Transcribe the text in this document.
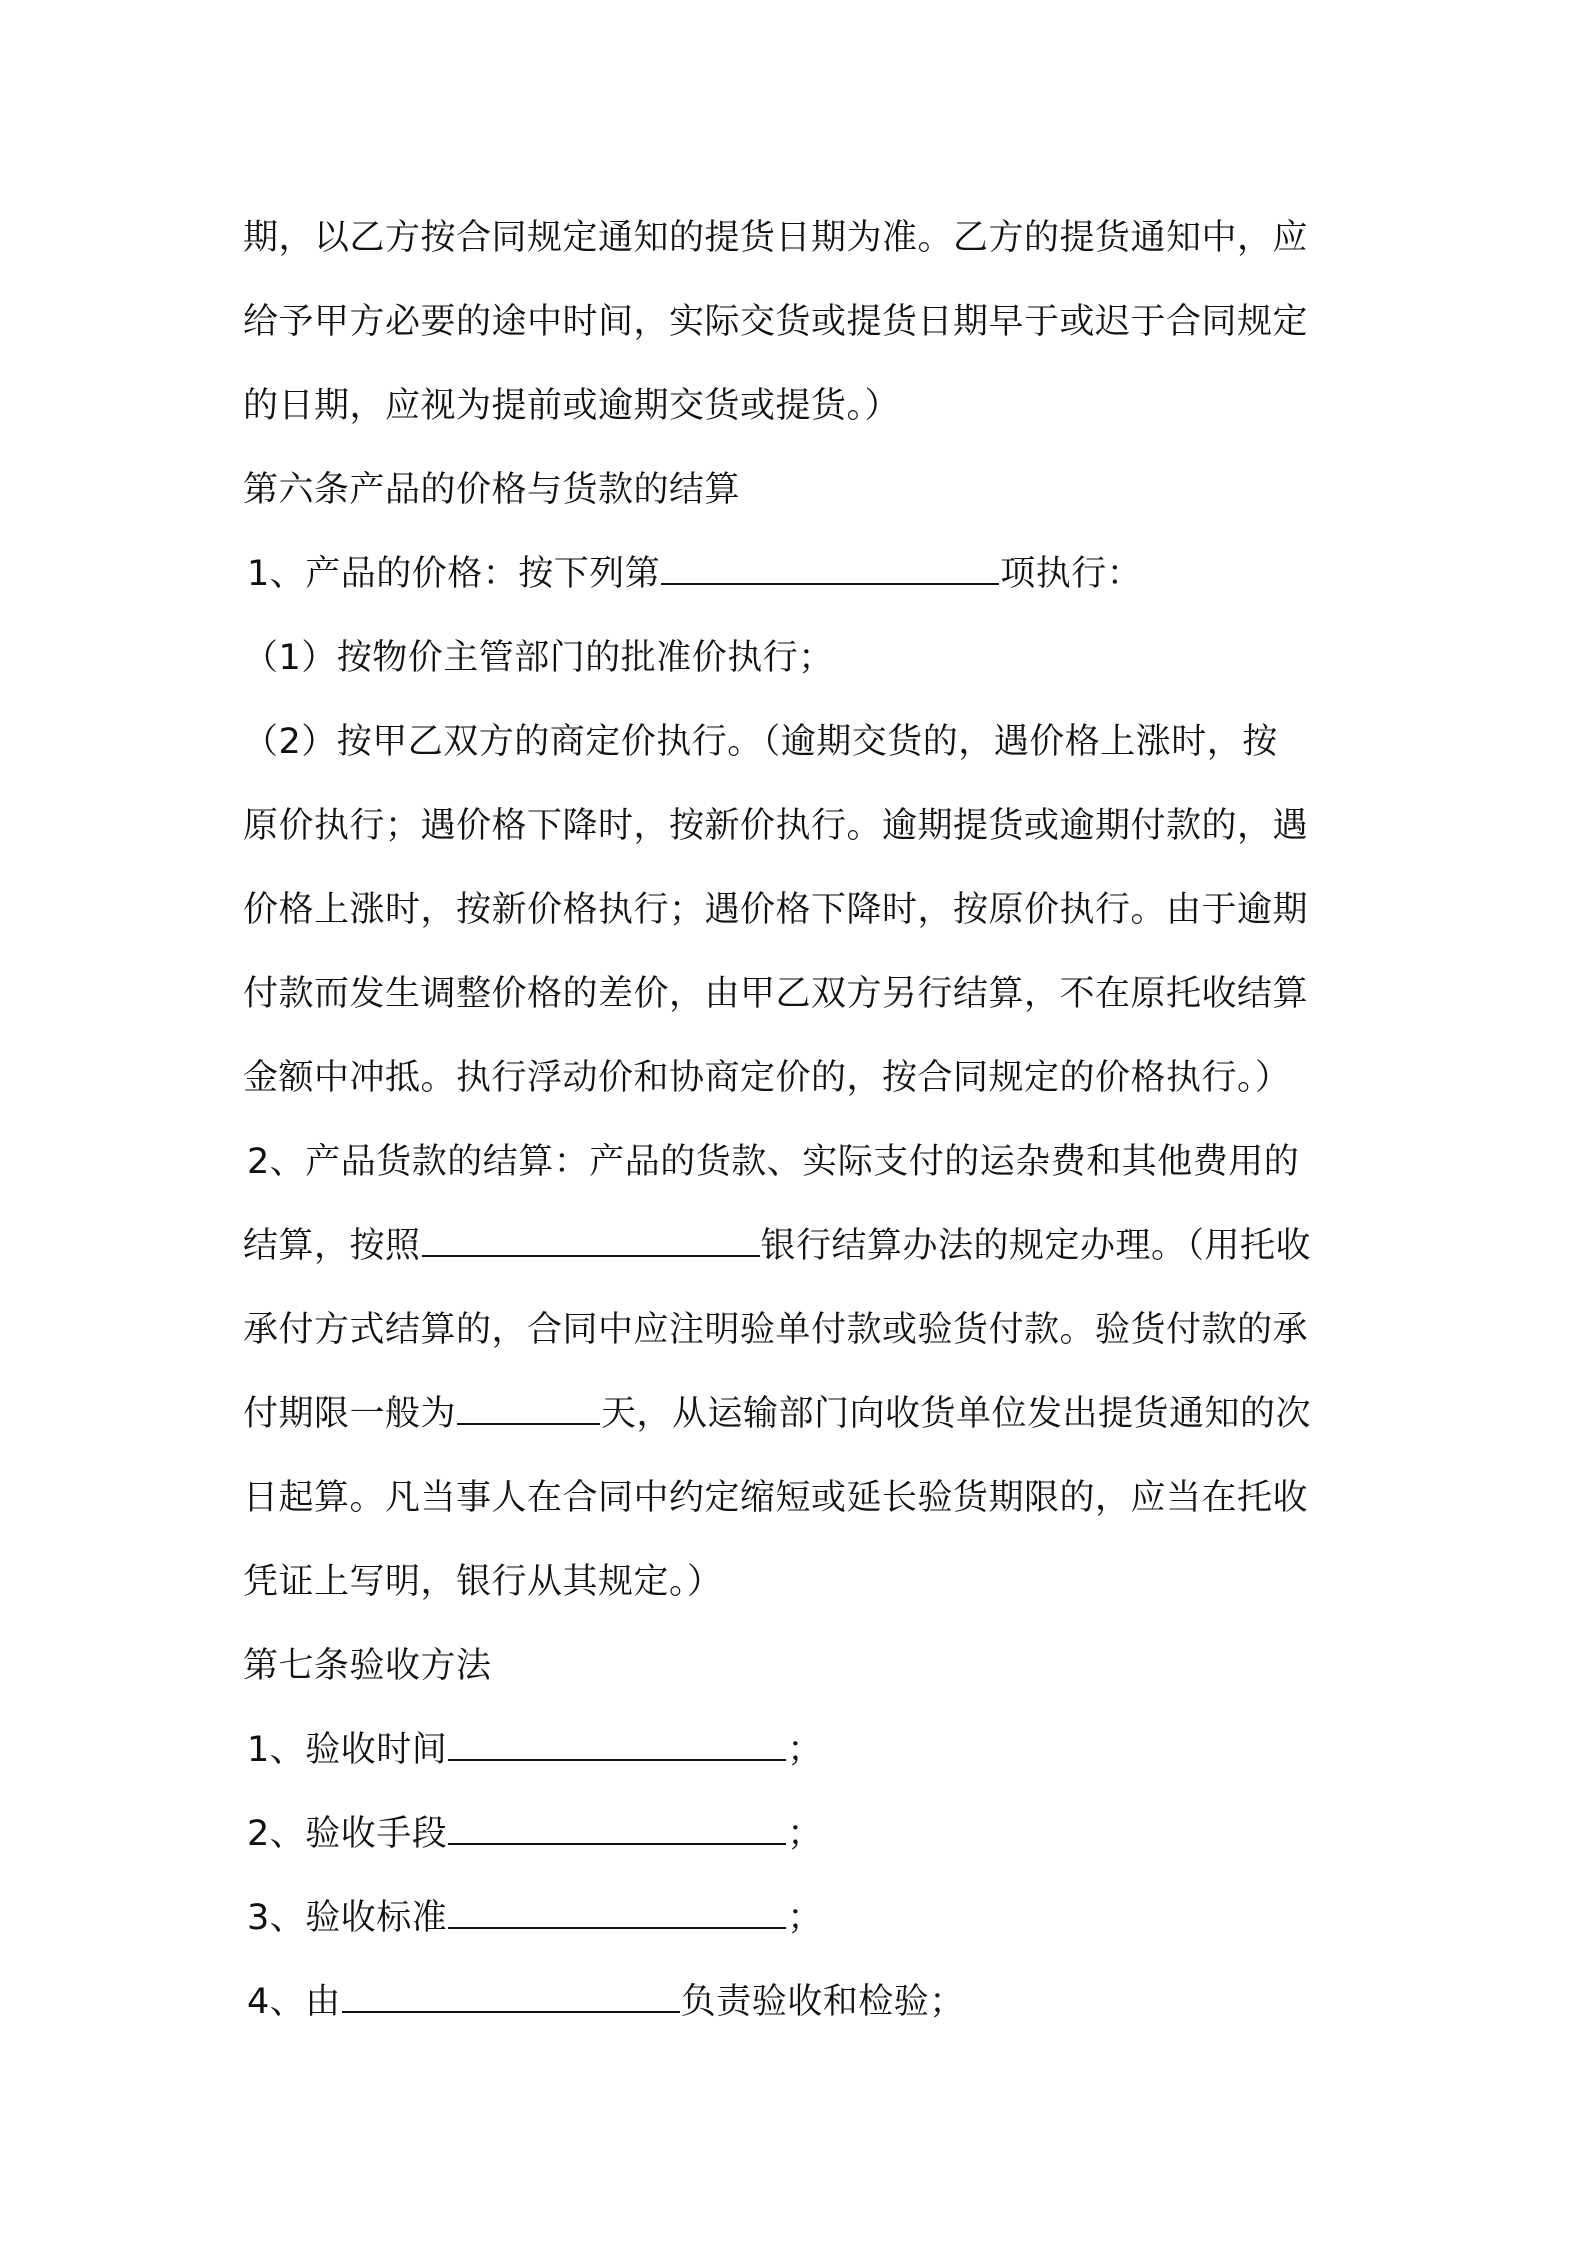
期，以乙方按合同规定通知的提货日期为准。乙方的提货通知中，应
给予甲方必要的途中时间，实际交货或提货日期早于或迟于合同规定
的日期，应视为提前或逾期交货或提货。）
第六条产品的价格与货款的结算
1、产品的价格：按下列第	项执行：
（1）按物价主管部门的批准价执行；
（2）按甲乙双方的商定价执行。（逾期交货的，遇价格上涨时，按
原价执行；遇价格下降时，按新价执行。逾期提货或逾期付款的，遇
价格上涨时，按新价格执行；遇价格下降时，按原价执行。由于逾期
付款而发生调整价格的差价，由甲乙双方另行结算，不在原托收结算
金额中冲抵。执行浮动价和协商定价的，按合同规定的价格执行。）
2、产品货款的结算：产品的货款、实际支付的运杂费和其他费用的
结算，按照	银行结算办法的规定办理。（用托收
承付方式结算的，合同中应注明验单付款或验货付款。验货付款的承
付期限一般为	天，从运输部门向收货单位发出提货通知的次
日起算。凡当事人在合同中约定缩短或延长验货期限的，应当在托收
凭证上写明，银行从其规定。）
第七条验收方法
1、验收时间	；
2、验收手段	；
3、验收标准	；
4、由	负责验收和检验；
